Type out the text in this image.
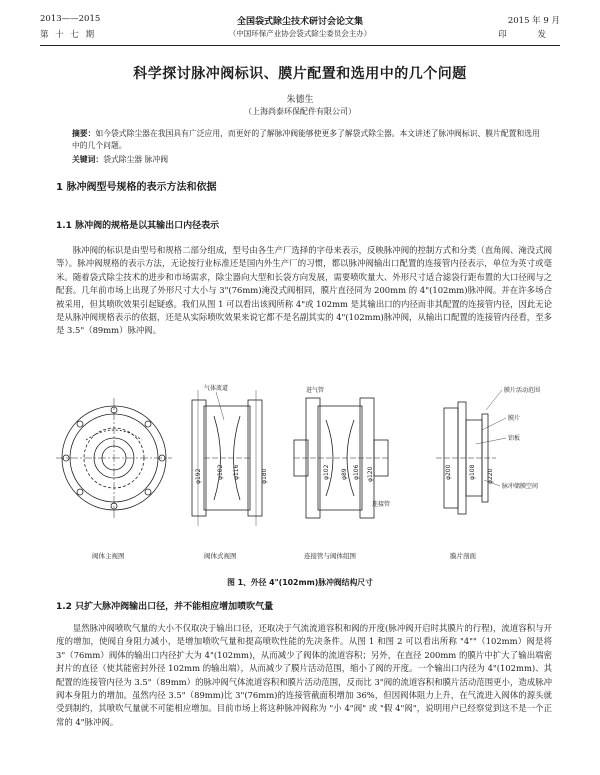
2013——2015
第 十 七 期
全国袋式除尘技术研讨会论文集
（中国环保产业协会袋式除尘委员会主办）
2015 年 9 月
印 发
科学探讨脉冲阀标识、膜片配置和选用中的几个问题
朱德生
（上海尚泰环保配件有限公司）
摘要：如今袋式除尘器在我国具有广泛应用，而更好的了解脉冲阀能够使更多了解袋式除尘器。本文讲述了脉冲阀标识、膜片配置和选用中的几个问题。
关键词：袋式除尘器 脉冲阀
1 脉冲阀型号规格的表示方法和依据
1.1 脉冲阀的规格是以其输出口内径表示
脉冲阀的标识是由型号和规格二部分组成，型号由各生产厂选择的字母来表示，反映脉冲阀的控制方式和分类（直角阀、淹没式阀等）。脉冲阀规格的表示方法，无论按行业标准还是国内外生产厂的习惯，都以脉冲阀输出口配置的连接管内径表示，单位为英寸或毫米。随着袋式除尘技术的进步和市场需求，除尘器向大型和长袋方向发展，需要喷吹量大、外形尺寸适合滤袋行距布置的大口径阀与之配套。几年前市场上出现了外形尺寸大小与 3"(76mm)淹没式阀相同，膜片直径同为 200mm 的 4"(102mm)脉冲阀。并在许多场合被采用，但其喷吹效果引起疑惑。我们从图 1 可以看出该阀所称 4"或 102mm 是其输出口的内径而非其配置的连接管内径，因此无论是从脉冲阀规格表示的依据，还是从实际喷吹效果来说它都不是名副其实的 4"(102mm)脉冲阀，从输出口配置的连接管内径看，至多是 3.5"（89mm）脉冲阀。
φ192	φ102 φ116	φ180
气体流道
φ102 φ89 φ106 φ120
进气管
连接管
φ200	φ108 φ220
膜片活动范围
膜片
铝板
脉冲储膜空间
阀体主视图	阀体式视图	连接管与阀体组图	膜片剖面
图 1、外径 4"(102mm)脉冲阀结构尺寸
1.2 只扩大脉冲阀输出口径，并不能相应增加喷吹气量
显然脉冲阀喷吹气量的大小不仅取决于输出口径，还取决于气流流道容积和阀的开度(脉冲阀开启时其膜片的行程)，流道容积与开度的增加，使阀自身阻力减小，是增加喷吹气量和提高喷吹性能的先决条件。从图 1 和图 2 可以看出所称 "4""（102mm）阀是将 3"（76mm）阀体的输出口内径扩大为 4"(102mm)，从而减少了阀体的流道容积；另外，在直径 200mm 的膜片中扩大了输出端密封片的直径（使其能密封外径 102mm 的输出端），从而减少了膜片活动范围，缩小了阀的开度。一个输出口内径为 4"(102mm)、其配置的连接管内径为 3.5"（89mm）的脉冲阀气体流道容积和膜片活动范围，反而比 3"阀的流道容积和膜片活动范围更小，造成脉冲阀本身阻力的增加。虽然内径 3.5"（89mm)比 3"(76mm)的连接管截面积增加 36%，但因阀体阻力上升，在气流进入阀体的源头就受到制约，其喷吹气量就不可能相应增加。目前市场上将这种脉冲阀称为 "小 4"阀" 或 "假 4"阀"，说明用户已经察觉到这不是一个正常的 4"脉冲阀。
